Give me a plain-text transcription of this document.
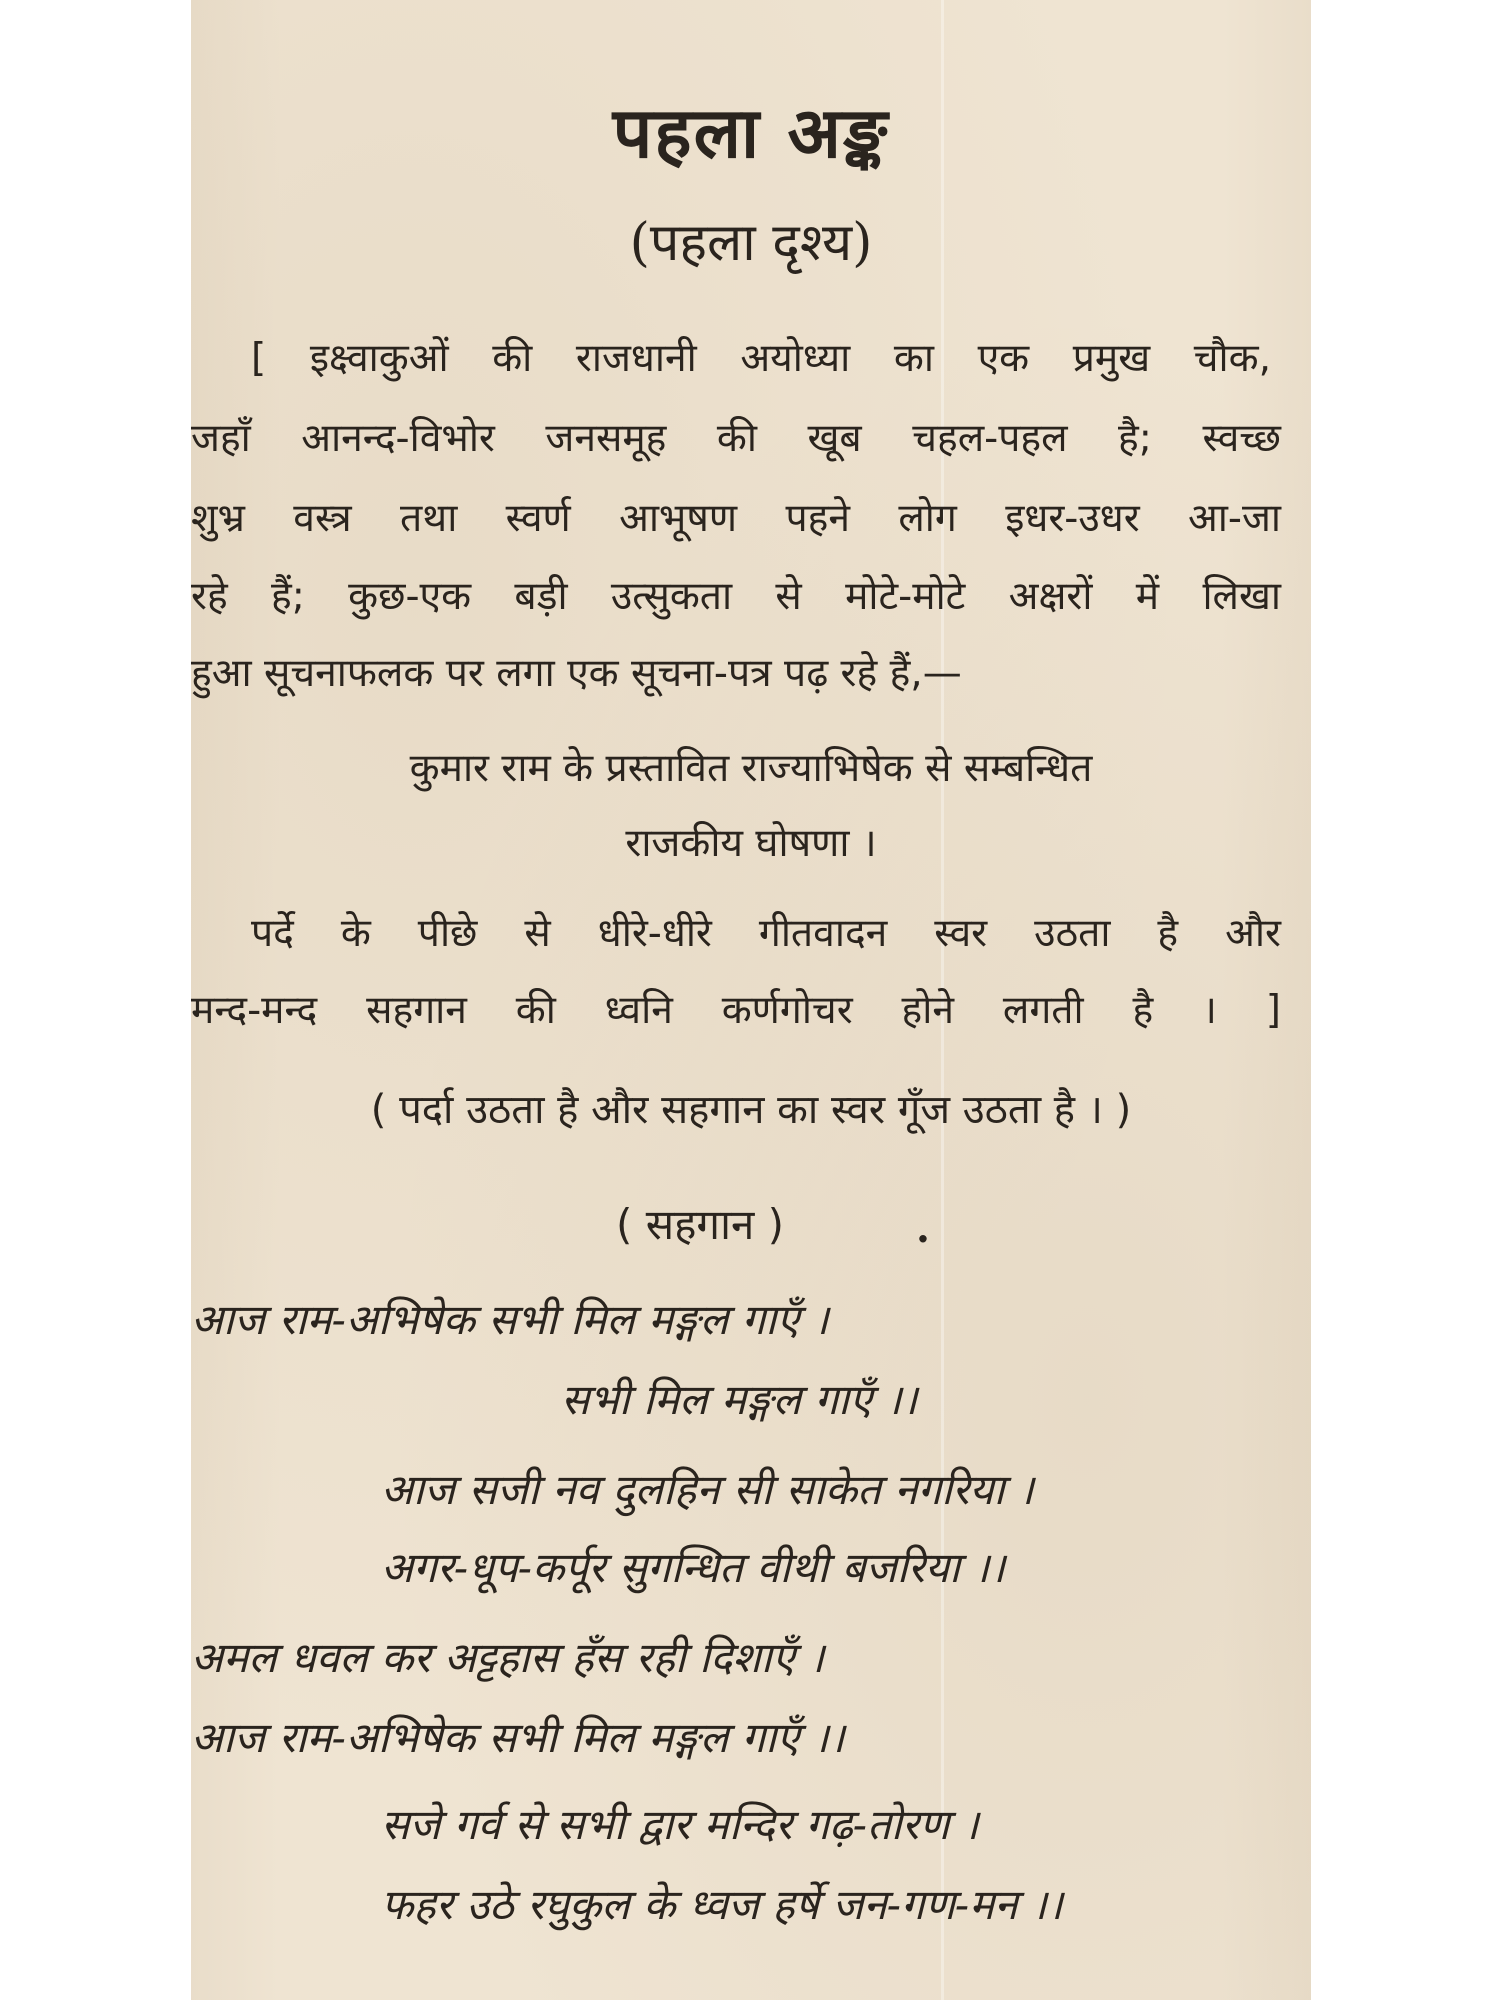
पहला अङ्क
(पहला दृश्य)

[ इक्ष्वाकुओं की राजधानी अयोध्या का एक प्रमुख चौक,

जहाँ आनन्द-विभोर जनसमूह की खूब चहल-पहल है; स्वच्छ

शुभ्र वस्त्र तथा स्वर्ण आभूषण पहने लोग इधर-उधर आ-जा

रहे हैं; कुछ-एक बड़ी उत्सुकता से मोटे-मोटे अक्षरों में लिखा

हुआ सूचनाफलक पर लगा एक सूचना-पत्र पढ़ रहे हैं,—

कुमार राम के प्रस्तावित राज्याभिषेक से सम्बन्धित

राजकीय घोषणा ।

पर्दे के पीछे से धीरे-धीरे गीतवादन स्वर उठता है और

मन्द-मन्द सहगान की ध्वनि कर्णगोचर होने लगती है । ]

( पर्दा उठता है और सहगान का स्वर गूँज उठता है । )

( सहगान )	.

आज राम-अभिषेक सभी मिल मङ्गल गाएँ ।

सभी मिल मङ्गल गाएँ ।।

आज सजी नव दुलहिन सी साकेत नगरिया ।

अगर-धूप-कर्पूर सुगन्धित वीथी बजरिया ।।

अमल धवल कर अट्टहास हँस रही दिशाएँ ।

आज राम-अभिषेक सभी मिल मङ्गल गाएँ ।।

सजे गर्व से सभी द्वार मन्दिर गढ़-तोरण ।

फहर उठे रघुकुल के ध्वज हर्षे जन-गण-मन ।।
